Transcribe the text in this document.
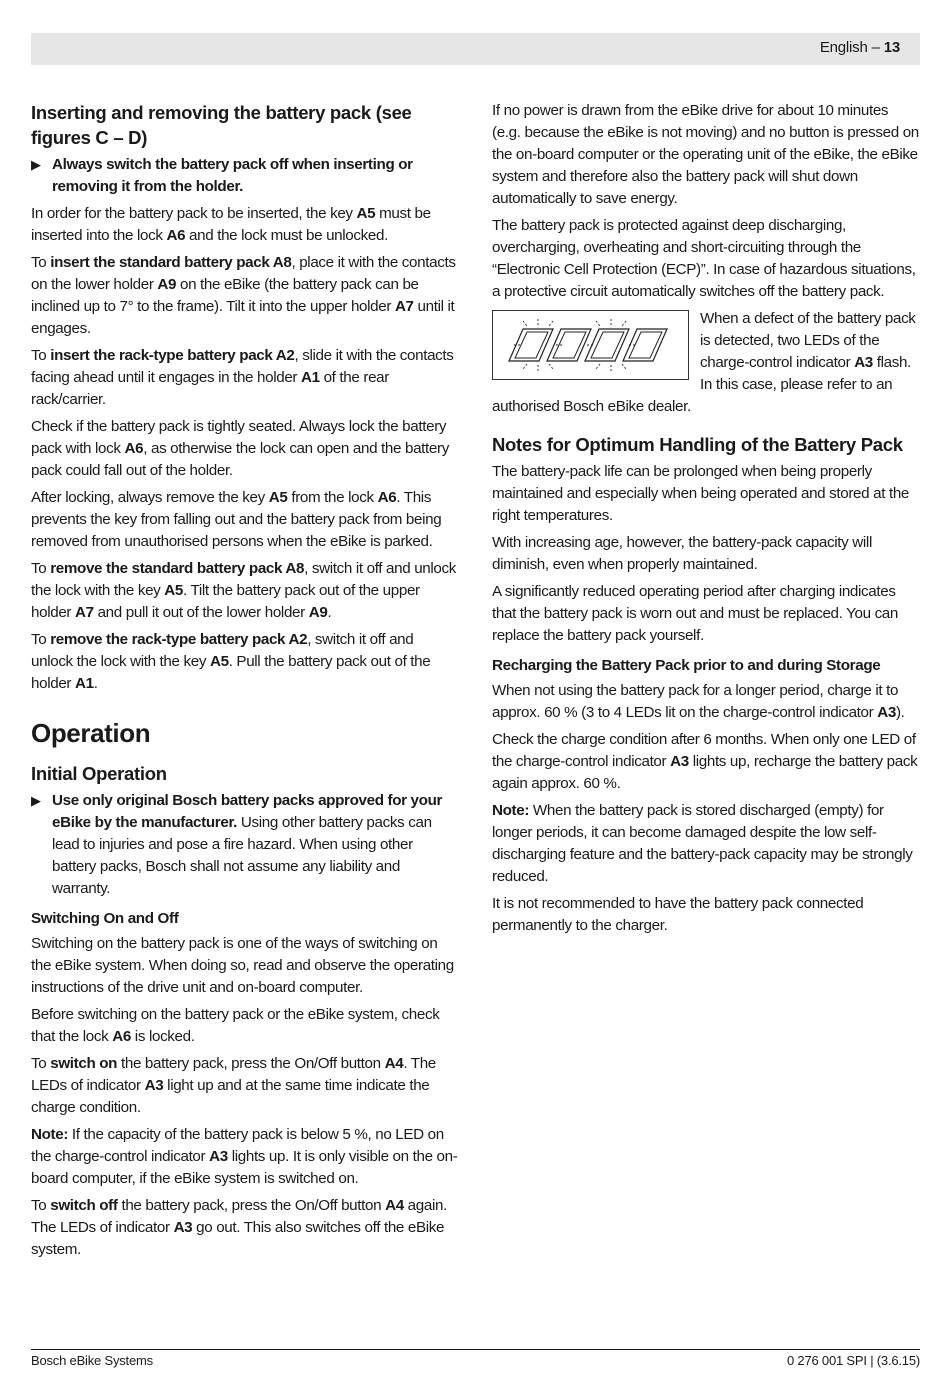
English – 13
Inserting and removing the battery pack (see figures C – D)

▶ Always switch the battery pack off when inserting or removing it from the holder.

In order for the battery pack to be inserted, the key A5 must be inserted into the lock A6 and the lock must be unlocked.

To insert the standard battery pack A8, place it with the contacts on the lower holder A9 on the eBike (the battery pack can be inclined up to 7° to the frame). Tilt it into the upper holder A7 until it engages.

To insert the rack-type battery pack A2, slide it with the contacts facing ahead until it engages in the holder A1 of the rear rack/carrier.

Check if the battery pack is tightly seated. Always lock the battery pack with lock A6, as otherwise the lock can open and the battery pack could fall out of the holder.

After locking, always remove the key A5 from the lock A6. This prevents the key from falling out and the battery pack from being removed from unauthorised persons when the eBike is parked.

To remove the standard battery pack A8, switch it off and unlock the lock with the key A5. Tilt the battery pack out of the upper holder A7 and pull it out of the lower holder A9.

To remove the rack-type battery pack A2, switch it off and unlock the lock with the key A5. Pull the battery pack out of the holder A1.

Operation
Initial Operation

▶ Use only original Bosch battery packs approved for your eBike by the manufacturer. Using other battery packs can lead to injuries and pose a fire hazard. When using other battery packs, Bosch shall not assume any liability and warranty.

Switching On and Off

Switching on the battery pack is one of the ways of switching on the eBike system. When doing so, read and observe the operating instructions of the drive unit and on-board computer.

Before switching on the battery pack or the eBike system, check that the lock A6 is locked.

To switch on the battery pack, press the On/Off button A4. The LEDs of indicator A3 light up and at the same time indicate the charge condition.

Note: If the capacity of the battery pack is below 5 %, no LED on the charge-control indicator A3 lights up. It is only visible on the on-board computer, if the eBike system is switched on.

To switch off the battery pack, press the On/Off button A4 again. The LEDs of indicator A3 go out. This also switches off the eBike system.

If no power is drawn from the eBike drive for about 10 minutes (e.g. because the eBike is not moving) and no button is pressed on the on-board computer or the operating unit of the eBike, the eBike system and therefore also the battery pack will shut down automatically to save energy.

The battery pack is protected against deep discharging, overcharging, overheating and short-circuiting through the “Electronic Cell Protection (ECP)”. In case of hazardous situations, a protective circuit automatically switches off the battery pack.

When a defect of the battery pack is detected, two LEDs of the charge-control indicator A3 flash. In this case, please refer to an authorised Bosch eBike dealer.
Notes for Optimum Handling of the Battery Pack

The battery-pack life can be prolonged when being properly maintained and especially when being operated and stored at the right temperatures.

With increasing age, however, the battery-pack capacity will diminish, even when properly maintained.

A significantly reduced operating period after charging indicates that the battery pack is worn out and must be replaced. You can replace the battery pack yourself.

Recharging the Battery Pack prior to and during Storage

When not using the battery pack for a longer period, charge it to approx. 60 % (3 to 4 LEDs lit on the charge-control indicator A3).

Check the charge condition after 6 months. When only one LED of the charge-control indicator A3 lights up, recharge the battery pack again approx. 60 %.

Note: When the battery pack is stored discharged (empty) for longer periods, it can become damaged despite the low self-discharging feature and the battery-pack capacity may be strongly reduced.

It is not recommended to have the battery pack connected permanently to the charger.

Bosch eBike Systems	0 276 001 SPI | (3.6.15)
